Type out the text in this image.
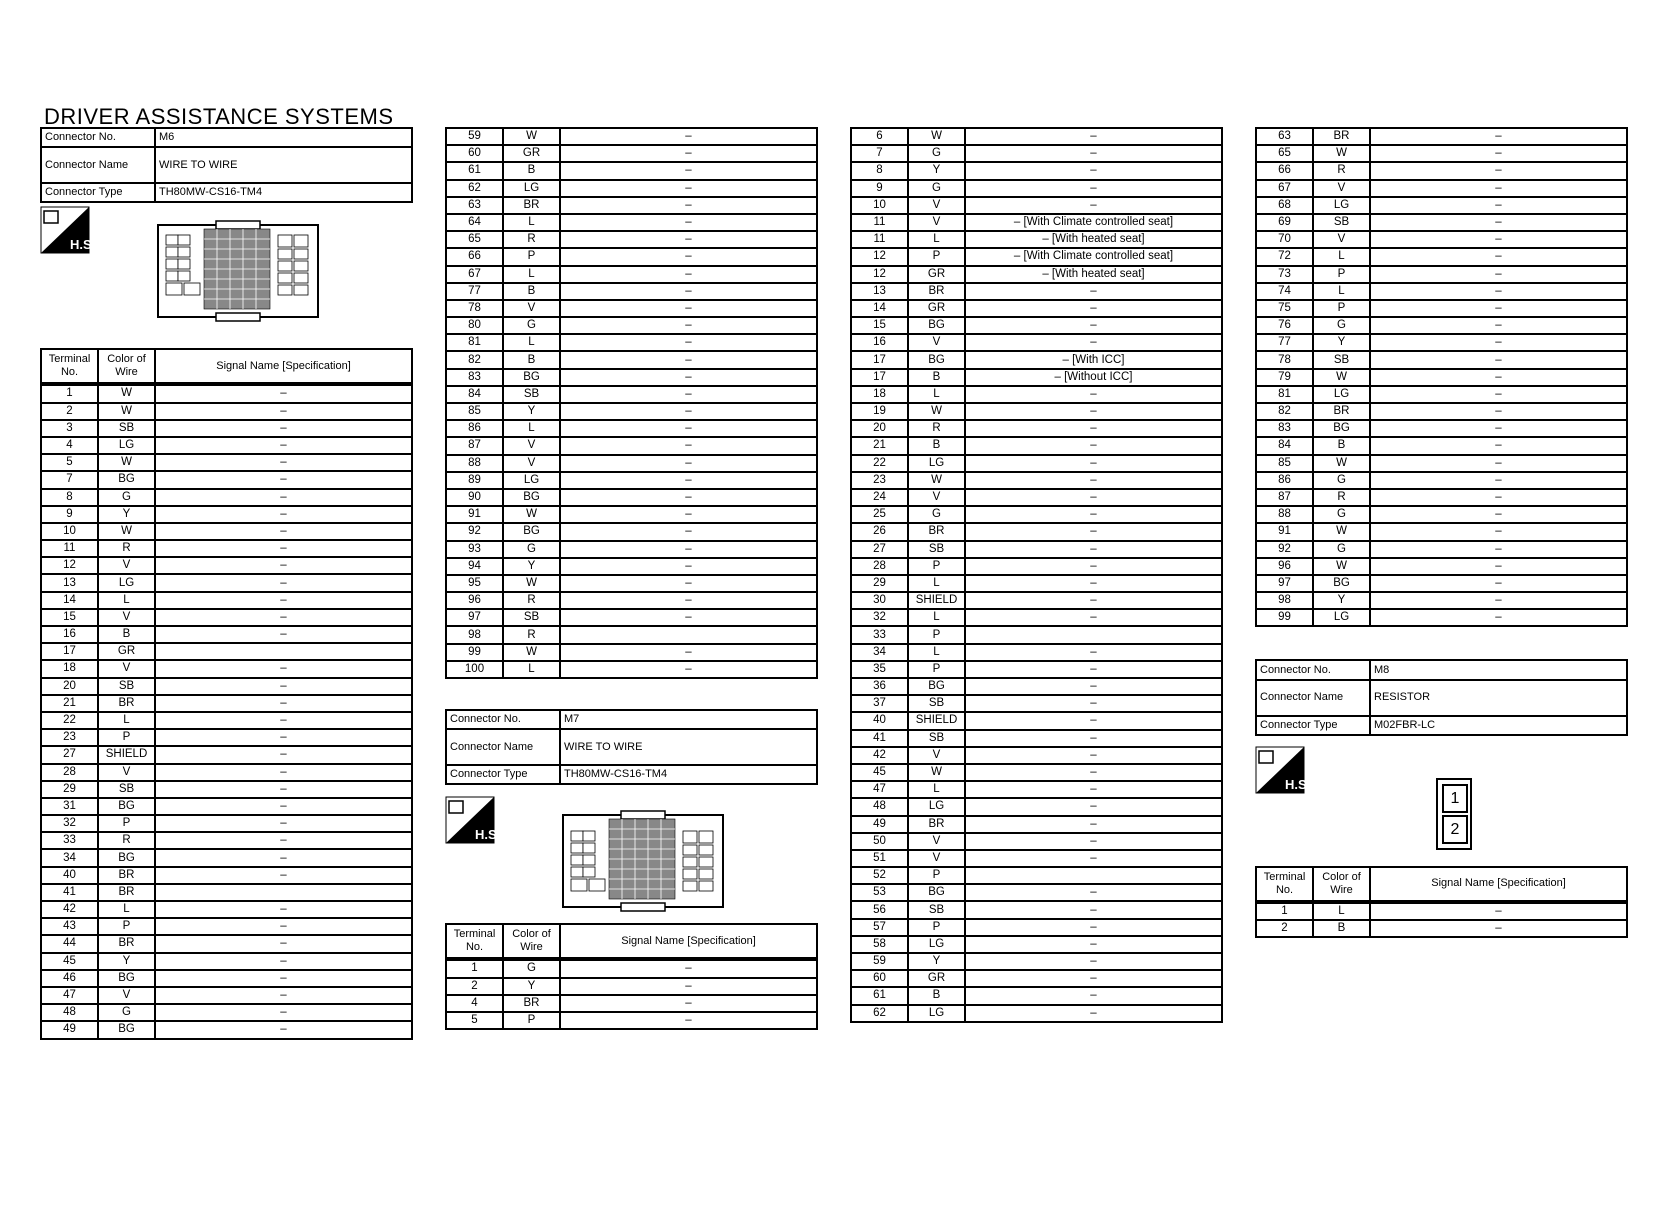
DRIVER ASSISTANCE SYSTEMS
Connector No.	M6
Connector Name	WIRE TO WIRE
Connector Type	TH80MW-CS16-TM4
Terminal No.	Color of Wire	Signal Name [Specification]
1	W	–
2	W	–
3	SB	–
4	LG	–
5	W	–
7	BG	–
8	G	–
9	Y	–
10	W	–
11	R	–
12	V	–
13	LG	–
14	L	–
15	V	–
16	B	–
17	GR	
18	V	–
20	SB	–
21	BR	–
22	L	–
23	P	–
27	SHIELD	–
28	V	–
29	SB	–
31	BG	–
32	P	–
33	R	–
34	BG	–
40	BR	–
41	BR	
42	L	–
43	P	–
44	BR	–
45	Y	–
46	BG	–
47	V	–
48	G	–
49	BG	–
59	W	–
60	GR	–
61	B	–
62	LG	–
63	BR	–
64	L	–
65	R	–
66	P	–
67	L	–
77	B	–
78	V	–
80	G	–
81	L	–
82	B	–
83	BG	–
84	SB	–
85	Y	–
86	L	–
87	V	–
88	V	–
89	LG	–
90	BG	–
91	W	–
92	BG	–
93	G	–
94	Y	–
95	W	–
96	R	–
97	SB	–
98	R	
99	W	–
100	L	–
Connector No.	M7
Connector Name	WIRE TO WIRE
Connector Type	TH80MW-CS16-TM4
Terminal No.	Color of Wire	Signal Name [Specification]
1	G	–
2	Y	–
4	BR	–
5	P	–
6	W	–
7	G	–
8	Y	–
9	G	–
10	V	–
11	V	– [With Climate controlled seat]
11	L	– [With heated seat]
12	P	– [With Climate controlled seat]
12	GR	– [With heated seat]
13	BR	–
14	GR	–
15	BG	–
16	V	–
17	BG	– [With ICC]
17	B	– [Without ICC]
18	L	–
19	W	–
20	R	–
21	B	–
22	LG	–
23	W	–
24	V	–
25	G	–
26	BR	–
27	SB	–
28	P	–
29	L	–
30	SHIELD	–
32	L	–
33	P	
34	L	–
35	P	–
36	BG	–
37	SB	–
40	SHIELD	–
41	SB	–
42	V	–
45	W	–
47	L	–
48	LG	–
49	BR	–
50	V	–
51	V	–
52	P	
53	BG	–
56	SB	–
57	P	–
58	LG	–
59	Y	–
60	GR	–
61	B	–
62	LG	–
63	BR	–
65	W	–
66	R	–
67	V	–
68	LG	–
69	SB	–
70	V	–
72	L	–
73	P	–
74	L	–
75	P	–
76	G	–
77	Y	–
78	SB	–
79	W	–
81	LG	–
82	BR	–
83	BG	–
84	B	–
85	W	–
86	G	–
87	R	–
88	G	–
91	W	–
92	G	–
96	W	–
97	BG	–
98	Y	–
99	LG	–
Connector No.	M8
Connector Name	RESISTOR
Connector Type	M02FBR-LC
Terminal No.	Color of Wire	Signal Name [Specification]
1	L	–
2	B	–
H.S.
H.S.
H.S.
1
2
